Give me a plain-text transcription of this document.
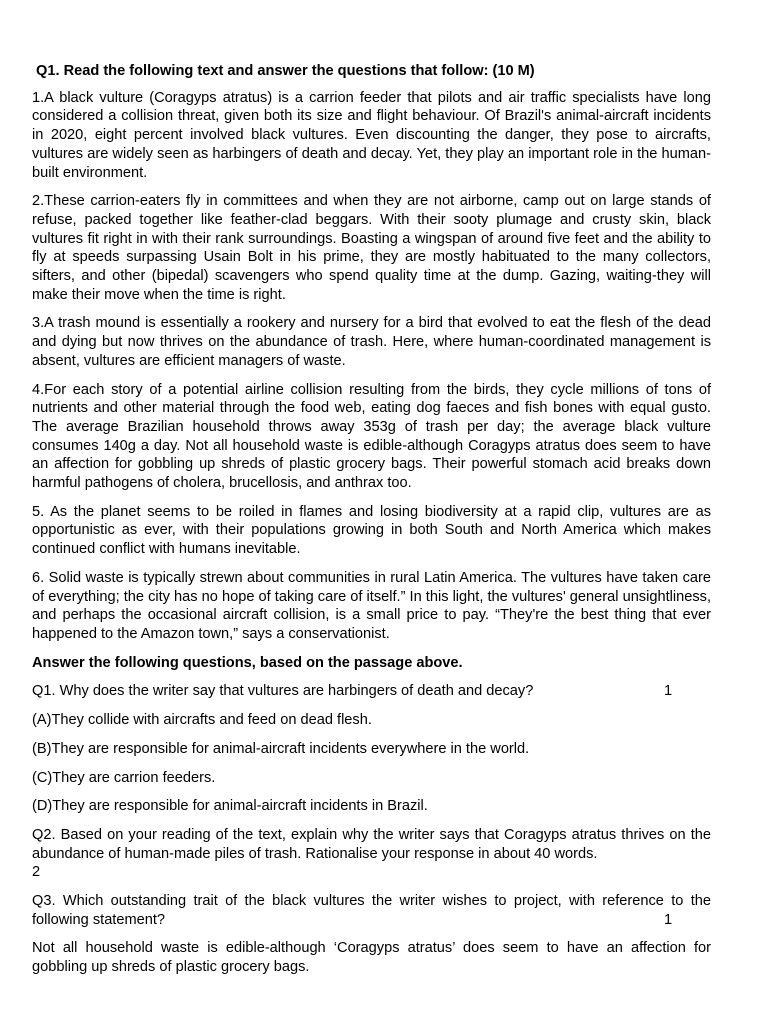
Q1. Read the following text and answer the questions that follow: (10 M)

1.A black vulture (Coragyps atratus) is a carrion feeder that pilots and air traffic specialists have long considered a collision threat, given both its size and flight behaviour. Of Brazil's animal-aircraft incidents in 2020, eight percent involved black vultures. Even discounting the danger, they pose to aircrafts, vultures are widely seen as harbingers of death and decay. Yet, they play an important role in the human- built environment.

2.These carrion-eaters fly in committees and when they are not airborne, camp out on large stands of refuse, packed together like feather-clad beggars. With their sooty plumage and crusty skin, black vultures fit right in with their rank surroundings. Boasting a wingspan of around five feet and the ability to fly at speeds surpassing Usain Bolt in his prime, they are mostly habituated to the many collectors, sifters, and other (bipedal) scavengers who spend quality time at the dump. Gazing, waiting-they will make their move when the time is right.

3.A trash mound is essentially a rookery and nursery for a bird that evolved to eat the flesh of the dead and dying but now thrives on the abundance of trash. Here, where human-coordinated management is absent, vultures are efficient managers of waste.

4.For each story of a potential airline collision resulting from the birds, they cycle millions of tons of nutrients and other material through the food web, eating dog faeces and fish bones with equal gusto. The average Brazilian household throws away 353g of trash per day; the average black vulture consumes 140g a day. Not all household waste is edible-although Coragyps atratus does seem to have an affection for gobbling up shreds of plastic grocery bags. Their powerful stomach acid breaks down harmful pathogens of cholera, brucellosis, and anthrax too.

5. As the planet seems to be roiled in flames and losing biodiversity at a rapid clip, vultures are as opportunistic as ever, with their populations growing in both South and North America which makes continued conflict with humans inevitable.

6. Solid waste is typically strewn about communities in rural Latin America. The vultures have taken care of everything; the city has no hope of taking care of itself.” In this light, the vultures' general unsightliness, and perhaps the occasional aircraft collision, is a small price to pay. “They're the best thing that ever happened to the Amazon town,” says a conservationist.

Answer the following questions, based on the passage above.

Q1. Why does the writer say that vultures are harbingers of death and decay?	1

(A)They collide with aircrafts and feed on dead flesh.

(B)They are responsible for animal-aircraft incidents everywhere in the world.

(C)They are carrion feeders.

(D)They are responsible for animal-aircraft incidents in Brazil.

Q2. Based on your reading of the text, explain why the writer says that Coragyps atratus thrives on the abundance of human-made piles of trash. Rationalise your response in about 40 words.
2
Q3. Which outstanding trait of the black vultures the writer wishes to project, with reference to the following statement?	1

Not all household waste is edible-although ‘Coragyps atratus’ does seem to have an affection for gobbling up shreds of plastic grocery bags.
